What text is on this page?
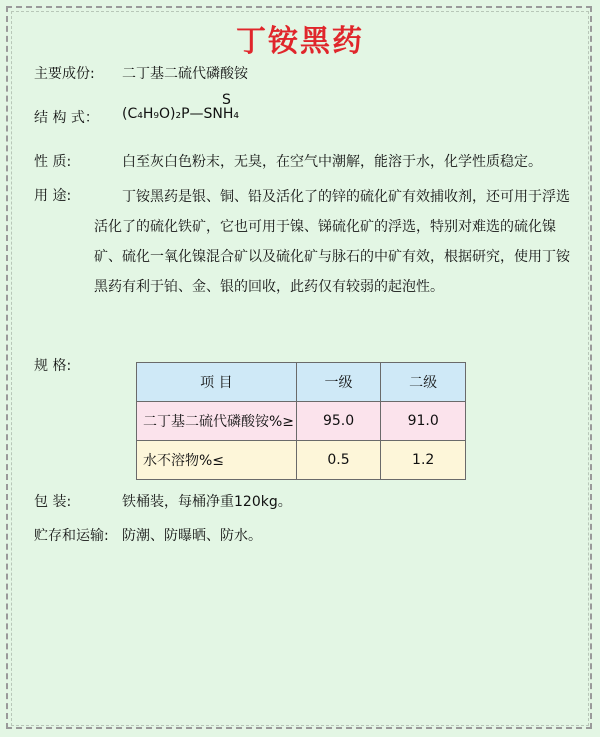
丁铵黑药
主要成份: 二丁基二硫代磷酸铵
结 构 式：
S
(C₄H₉O)₂P—SNH₄
性 质:	白至灰白色粉末，无臭，在空气中潮解，能溶于水，化学性质稳定。
用 途:	丁铵黑药是银、铜、铅及活化了的锌的硫化矿有效捕收剂，还可用于浮选活化了的硫化铁矿，它也可用于镍、锑硫化矿的浮选，特别对难选的硫化镍矿、硫化一氧化镍混合矿以及硫化矿与脉石的中矿有效，根据研究，使用丁铵黑药有利于铂、金、银的回收，此药仅有较弱的起泡性。
规 格:
项 目	一级	二级
二丁基二硫代磷酸铵%≥	95.0	91.0
水不溶物%≤	0.5	1.2
包 装:	铁桶装，每桶净重120kg。
贮存和运输: 防潮、防曝晒、防水。
